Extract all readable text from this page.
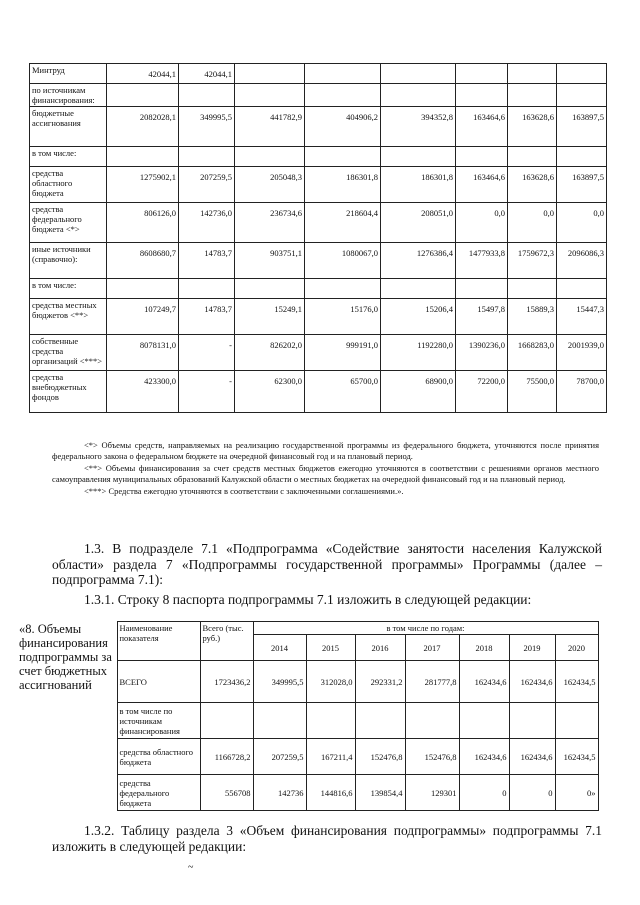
Минтруд	42044,1	42044,1						
по источникам финансирования:								
бюджетные ассигнования	2082028,1	349995,5	441782,9	404906,2	394352,8	163464,6	163628,6	163897,5
в том числе:								
средства областного бюджета	1275902,1	207259,5	205048,3	186301,8	186301,8	163464,6	163628,6	163897,5
средства федерального бюджета <*>	806126,0	142736,0	236734,6	218604,4	208051,0	0,0	0,0	0,0
иные источники (справочно):	8608680,7	14783,7	903751,1	1080067,0	1276386,4	1477933,8	1759672,3	2096086,3
в том числе:								
средства местных бюджетов <**>	107249,7	14783,7	15249,1	15176,0	15206,4	15497,8	15889,3	15447,3
собственные средства организаций <***>	8078131,0	-	826202,0	999191,0	1192280,0	1390236,0	1668283,0	2001939,0
средства внебюджетных фондов	423300,0	-	62300,0	65700,0	68900,0	72200,0	75500,0	78700,0

<*> Объемы средств, направляемых на реализацию государственной программы из федерального бюджета, уточняются после принятия федерального закона о федеральном бюджете на очередной финансовый год и на плановый период.

<**> Объемы финансирования за счет средств местных бюджетов ежегодно уточняются в соответствии с решениями органов местного самоуправления муниципальных образований Калужской области о местных бюджетах на очередной финансовый год и на плановый период.

<***> Средства ежегодно уточняются в соответствии с заключенными соглашениями.».

1.3. В подразделе 7.1 «Подпрограмма «Содействие занятости населения Калужской области» раздела 7 «Подпрограммы государственной программы» Программы (далее – подпрограмма 7.1):

1.3.1. Строку 8 паспорта подпрограммы 7.1 изложить в следующей редакции:

«8. Объемы финансирования подпрограммы за счет бюджетных ассигнований	Наименование показателя	Всего (тыс. руб.)	в том числе по годам:						
			2014	2015	2016	2017	2018	2019	2020
	ВСЕГО	1723436,2	349995,5	312028,0	292331,2	281777,8	162434,6	162434,6	162434,5
	в том числе по источникам финансирования								
	средства областного бюджета	1166728,2	207259,5	167211,4	152476,8	152476,8	162434,6	162434,6	162434,5
	средства федерального бюджета	556708	142736	144816,6	139854,4	129301	0	0	0»

1.3.2. Таблицу раздела 3 «Объем финансирования подпрограммы» подпрограммы 7.1 изложить в следующей редакции:

~
